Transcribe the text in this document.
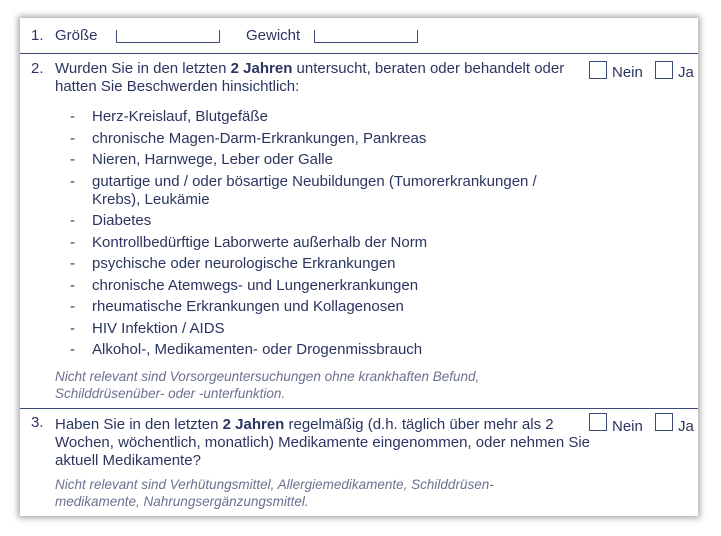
1. Größe	Gewicht
2. Wurden Sie in den letzten 2 Jahren untersucht, beraten oder behandelt oder hatten Sie Beschwerden hinsichtlich:
Nein Ja
- Herz-Kreislauf, Blutgefäße
- chronische Magen-Darm-Erkrankungen, Pankreas
- Nieren, Harnwege, Leber oder Galle
- gutartige und / oder bösartige Neubildungen (Tumorerkrankungen / Krebs), Leukämie
- Diabetes
- Kontrollbedürftige Laborwerte außerhalb der Norm
- psychische oder neurologische Erkrankungen
- chronische Atemwegs- und Lungenerkrankungen
- rheumatische Erkrankungen und Kollagenosen
- HIV Infektion / AIDS
- Alkohol-, Medikamenten- oder Drogenmissbrauch
Nicht relevant sind Vorsorgeuntersuchungen ohne krankhaften Befund, Schilddrüsenüber- oder -unterfunktion.
3. Haben Sie in den letzten 2 Jahren regelmäßig (d.h. täglich über mehr als 2 Wochen, wöchentlich, monatlich) Medikamente eingenommen, oder nehmen Sie aktuell Medikamente?
Nein Ja
Nicht relevant sind Verhütungsmittel, Allergiemedikamente, Schilddrüsen-medikamente, Nahrungsergänzungsmittel.
